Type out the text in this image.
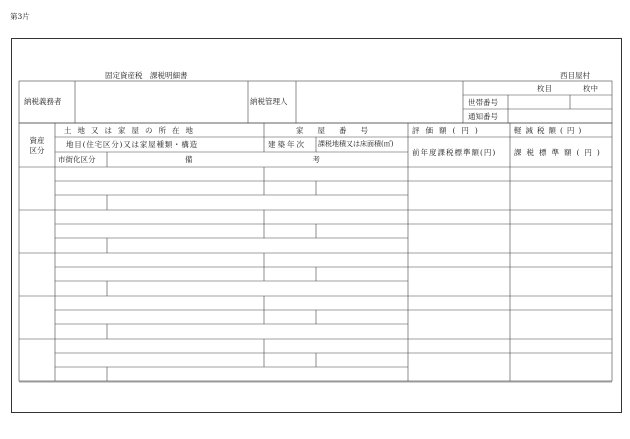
第3片
固定資産税　課税明細書	西目屋村
納税義務者	納税管理人
枚目	枚中
世帯番号
通知番号
資産区分
土地又は家屋の所在地	家屋番号	評価額(円)	軽減税額(円)
地目(住宅区分)又は家屋種類・構造	建築年次 課税地積又は床面積(㎡)
前年度課税標準額(円) 課税標準額(円)
市街化区分	備考
